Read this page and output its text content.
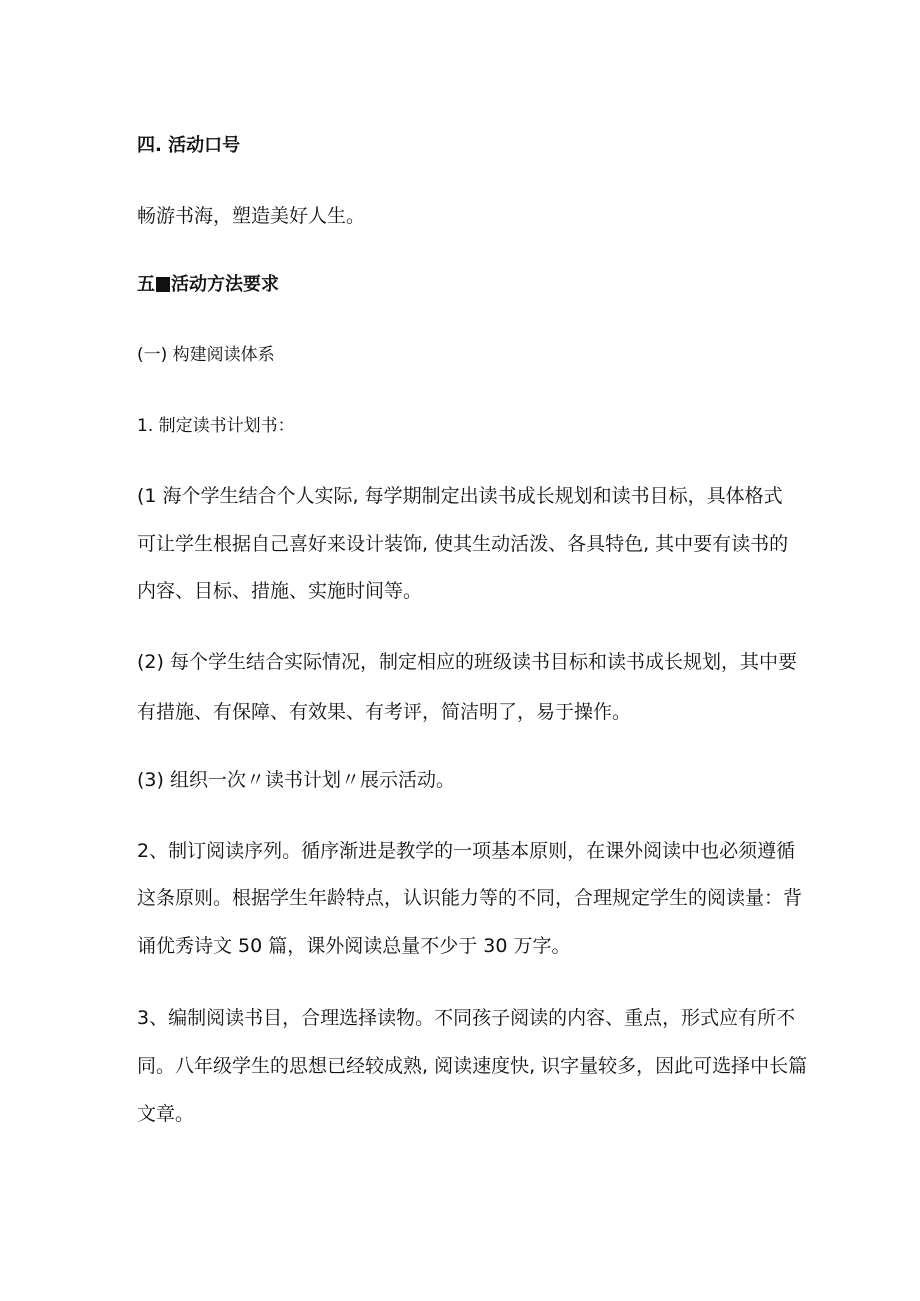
四. 活动口号
畅游书海，塑造美好人生。
五 活动方法要求
(一) 构建阅读体系
1. 制定读书计划书：
(1 海个学生结合个人实际, 每学期制定出读书成长规划和读书目标，具体格式
可让学生根据自己喜好来设计装饰, 使其生动活泼、各具特色, 其中要有读书的
内容、目标、措施、实施时间等。
(2) 每个学生结合实际情况，制定相应的班级读书目标和读书成长规划，其中要
有措施、有保障、有效果、有考评，简洁明了，易于操作。
(3) 组织一次〃读书计划〃展示活动。
2、制订阅读序列。循序渐进是教学的一项基本原则，在课外阅读中也必须遵循
这条原则。根据学生年龄特点，认识能力等的不同，合理规定学生的阅读量：背
诵优秀诗文 50 篇，课外阅读总量不少于 30 万字。
3、编制阅读书目，合理选择读物。不同孩子阅读的内容、重点，形式应有所不
同。八年级学生的思想已经较成熟, 阅读速度快, 识字量较多，因此可选择中长篇
文章。
